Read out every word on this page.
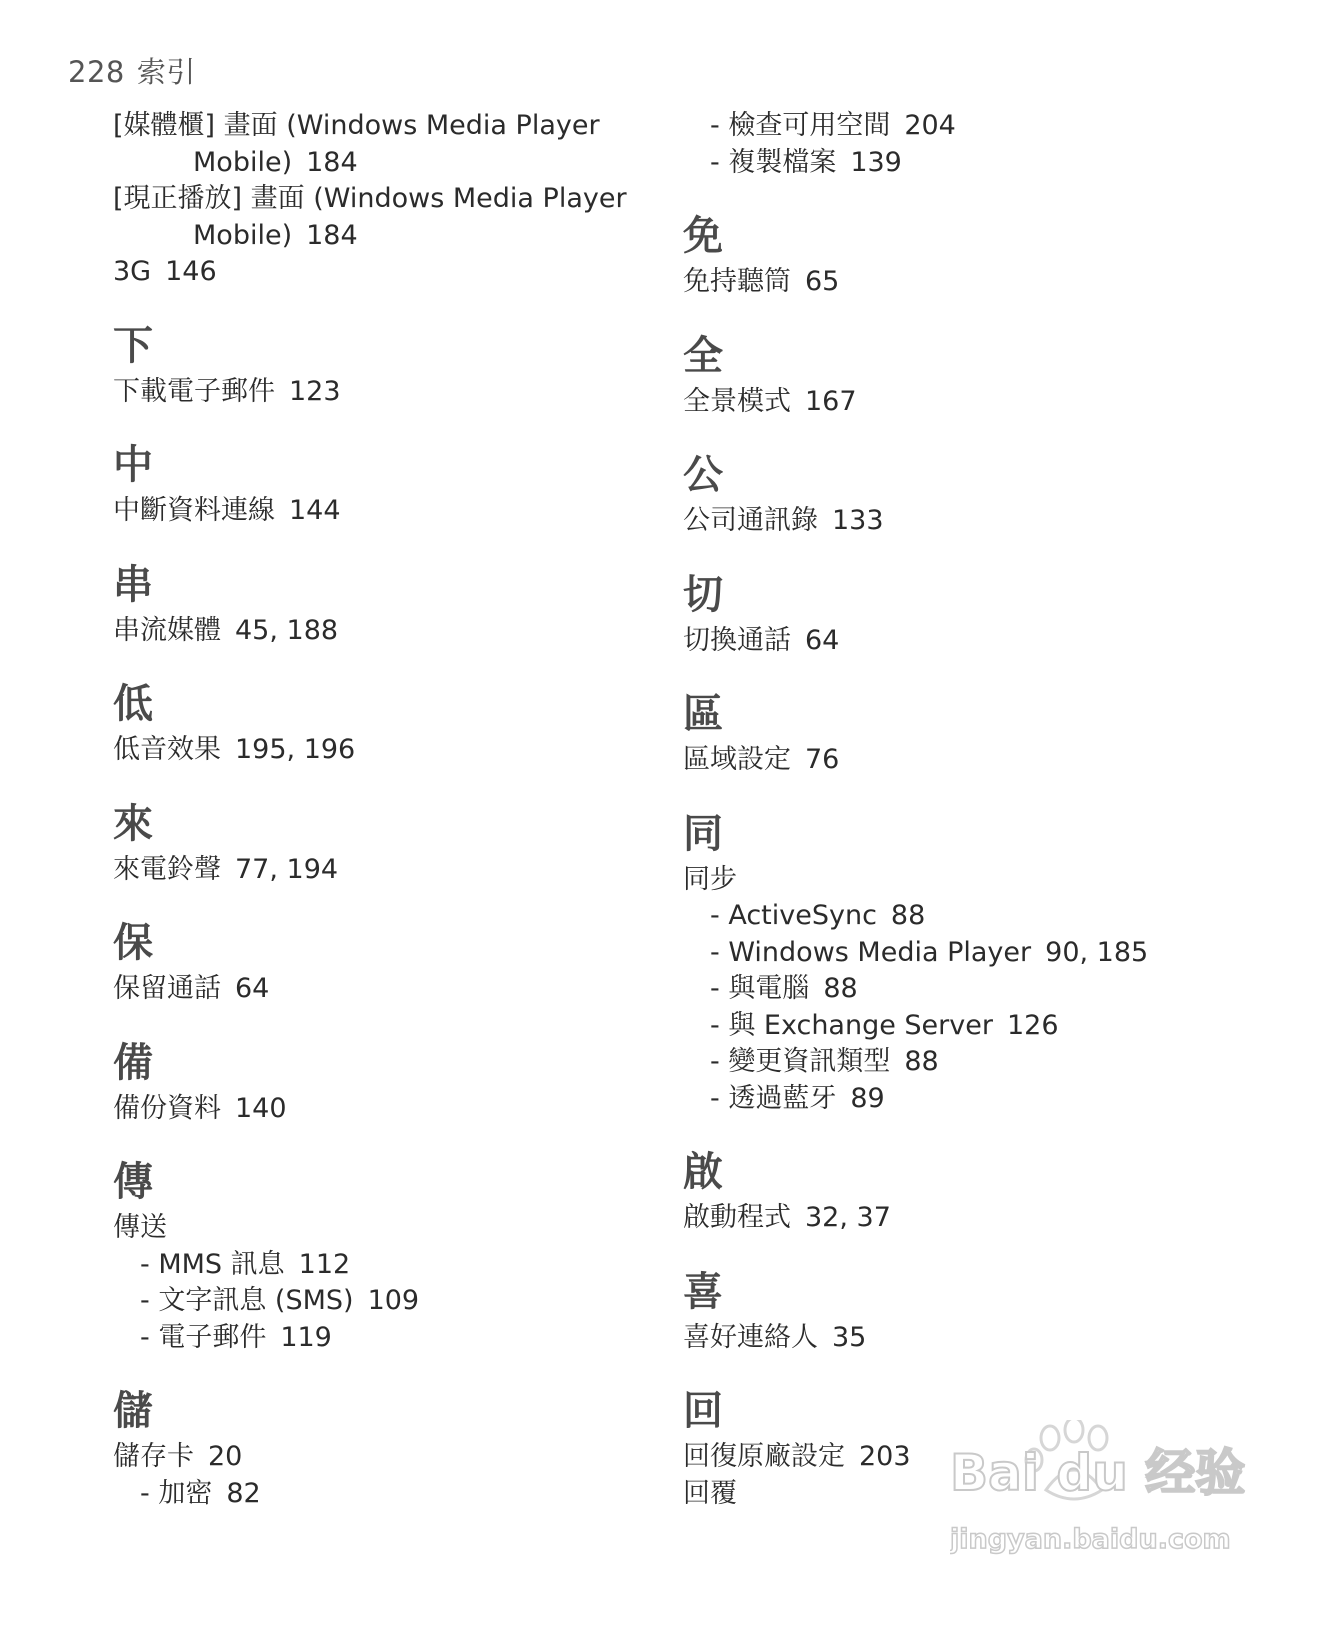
228 索引
[媒體櫃] 畫面 (Windows Media Player
Mobile) 184
[現正播放] 畫面 (Windows Media Player
Mobile) 184
3G 146
下
下載電子郵件 123
中
中斷資料連線 144
串
串流媒體 45, 188
低
低音效果 195, 196
來
來電鈴聲 77, 194
保
保留通話 64
備
備份資料 140
傳
傳送
- MMS 訊息 112
- 文字訊息 (SMS) 109
- 電子郵件 119
儲
儲存卡 20
- 加密 82
- 檢查可用空間 204
- 複製檔案 139
免
免持聽筒 65
全
全景模式 167
公
公司通訊錄 133
切
切換通話 64
區
區域設定 76
同
同步
- ActiveSync 88
- Windows Media Player 90, 185
- 與電腦 88
- 與 Exchange Server 126
- 變更資訊類型 88
- 透過藍牙 89
啟
啟動程式 32, 37
喜
喜好連絡人 35
回
回復原廠設定 203
回覆	Bai du 经验
jingyan.baidu.com
